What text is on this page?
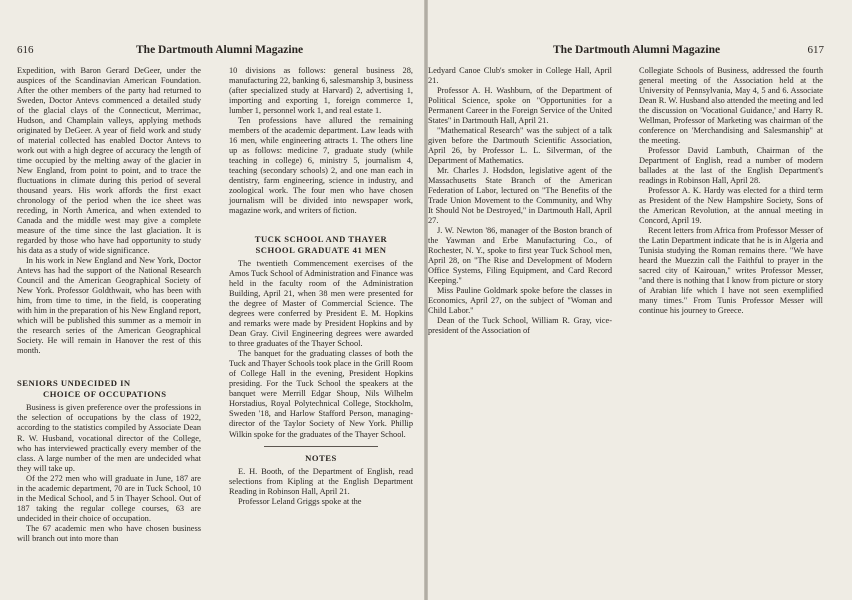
616	The Dartmouth Alumni Magazine

Expedition, with Baron Gerard DeGeer, under the auspices of the Scandinavian American Foundation. After the other members of the party had returned to Sweden, Doctor Antevs commenced a detailed study of the glacial clays of the Connecticut, Merrimac, Hudson, and Champlain valleys, applying methods originated by DeGeer. A year of field work and study of material collected has enabled Doctor Antevs to work out with a high degree of accuracy the length of time occupied by the melting away of the glacier in New England, from point to point, and to trace the fluctuations in climate during this period of several thousand years. His work affords the first exact chronology of the period when the ice sheet was receding, in North America, and when extended to Canada and the middle west may give a complete measure of the time since the last glaciation. It is regarded by those who have had opportunity to study his data as a study of wide significance.

In his work in New England and New York, Doctor Antevs has had the support of the National Research Council and the American Geographical Society of New York. Professor Goldthwait, who has been with him, from time to time, in the field, is cooperating with him in the preparation of his New England report, which will be published this summer as a memoir in the research series of the American Geographical Society. He will remain in Hanover the rest of this month.

SENIORS UNDECIDED IN
CHOICE OF OCCUPATIONS

Business is given preference over the professions in the selection of occupations by the class of 1922, according to the statistics compiled by Associate Dean R. W. Husband, vocational director of the College, who has interviewed practically every member of the class. A large number of the men are undecided what they will take up.

Of the 272 men who will graduate in June, 187 are in the academic department, 70 are in Tuck School, 10 in the Medical School, and 5 in Thayer School. Out of 187 taking the regular college courses, 63 are undecided in their choice of occupation.

The 67 academic men who have chosen business will branch out into more than

10 divisions as follows: general business 28, manufacturing 22, banking 6, salesmanship 3, business (after specialized study at Harvard) 2, advertising 1, importing and exporting 1, foreign commerce 1, lumber 1, personnel work 1, and real estate 1.

Ten professions have allured the remaining members of the academic department. Law leads with 16 men, while engineering attracts 1. The others line up as follows: medicine 7, graduate study (while teaching in college) 6, ministry 5, journalism 4, teaching (secondary schools) 2, and one man each in dentistry, farm engineering, science in industry, and zoological work. The four men who have chosen journalism will be divided into newspaper work, magazine work, and writers of fiction.

TUCK SCHOOL AND THAYER
SCHOOL GRADUATE 41 MEN

The twentieth Commencement exercises of the Amos Tuck School of Administration and Finance was held in the faculty room of the Administration Building, April 21, when 38 men were presented for the degree of Master of Commercial Science. The degrees were conferred by President E. M. Hopkins and remarks were made by President Hopkins and by Dean Gray. Civil Engineering degrees were awarded to three graduates of the Thayer School.

The banquet for the graduating classes of both the Tuck and Thayer Schools took place in the Grill Room of College Hall in the evening, President Hopkins presiding. For the Tuck School the speakers at the banquet were Merrill Edgar Shoup, Nils Wilhelm Horstadius, Royal Polytechnical College, Stockholm, Sweden '18, and Harlow Stafford Person, managing-director of the Taylor Society of New York. Phillip Wilkin spoke for the graduates of the Thayer School.

NOTES

E. H. Booth, of the Department of English, read selections from Kipling at the English Department Reading in Robinson Hall, April 21.

Professor Leland Griggs spoke at the

The Dartmouth Alumni Magazine	617

Ledyard Canoe Club's smoker in College Hall, April 21.

Professor A. H. Washburn, of the Department of Political Science, spoke on "Opportunities for a Permanent Career in the Foreign Service of the United States" in Dartmouth Hall, April 21.

"Mathematical Research" was the subject of a talk given before the Dartmouth Scientific Association, April 26, by Professor L. L. Silverman, of the Department of Mathematics.

Mr. Charles J. Hodsdon, legislative agent of the Massachusetts State Branch of the American Federation of Labor, lectured on "The Benefits of the Trade Union Movement to the Community, and Why It Should Not be Destroyed," in Dartmouth Hall, April 27.

J. W. Newton '86, manager of the Boston branch of the Yawman and Erbe Manufacturing Co., of Rochester, N. Y., spoke to first year Tuck School men, April 28, on "The Rise and Development of Modern Office Systems, Filing Equipment, and Card Record Keeping."

Miss Pauline Goldmark spoke before the classes in Economics, April 27, on the subject of "Woman and Child Labor."

Dean of the Tuck School, William R. Gray, vice-president of the Association of

Collegiate Schools of Business, addressed the fourth general meeting of the Association held at the University of Pennsylvania, May 4, 5 and 6. Associate Dean R. W. Husband also attended the meeting and led the discussion on 'Vocational Guidance,' and Harry R. Wellman, Professor of Marketing was chairman of the conference on 'Merchandising and Salesmanship" at the meeting.

Professor David Lambuth, Chairman of the Department of English, read a number of modern ballades at the last of the English Department's readings in Robinson Hall, April 28.

Professor A. K. Hardy was elected for a third term as President of the New Hampshire Society, Sons of the American Revolution, at the annual meeting in Concord, April 19.

Recent letters from Africa from Professor Messer of the Latin Department indicate that he is in Algeria and Tunisia studying the Roman remains there. "We have heard the Muezzin call the Faithful to prayer in the sacred city of Kairouan," writes Professor Messer, "and there is nothing that I know from picture or story of Arabian life which I have not seen exemplified many times." From Tunis Professor Messer will continue his journey to Greece.
